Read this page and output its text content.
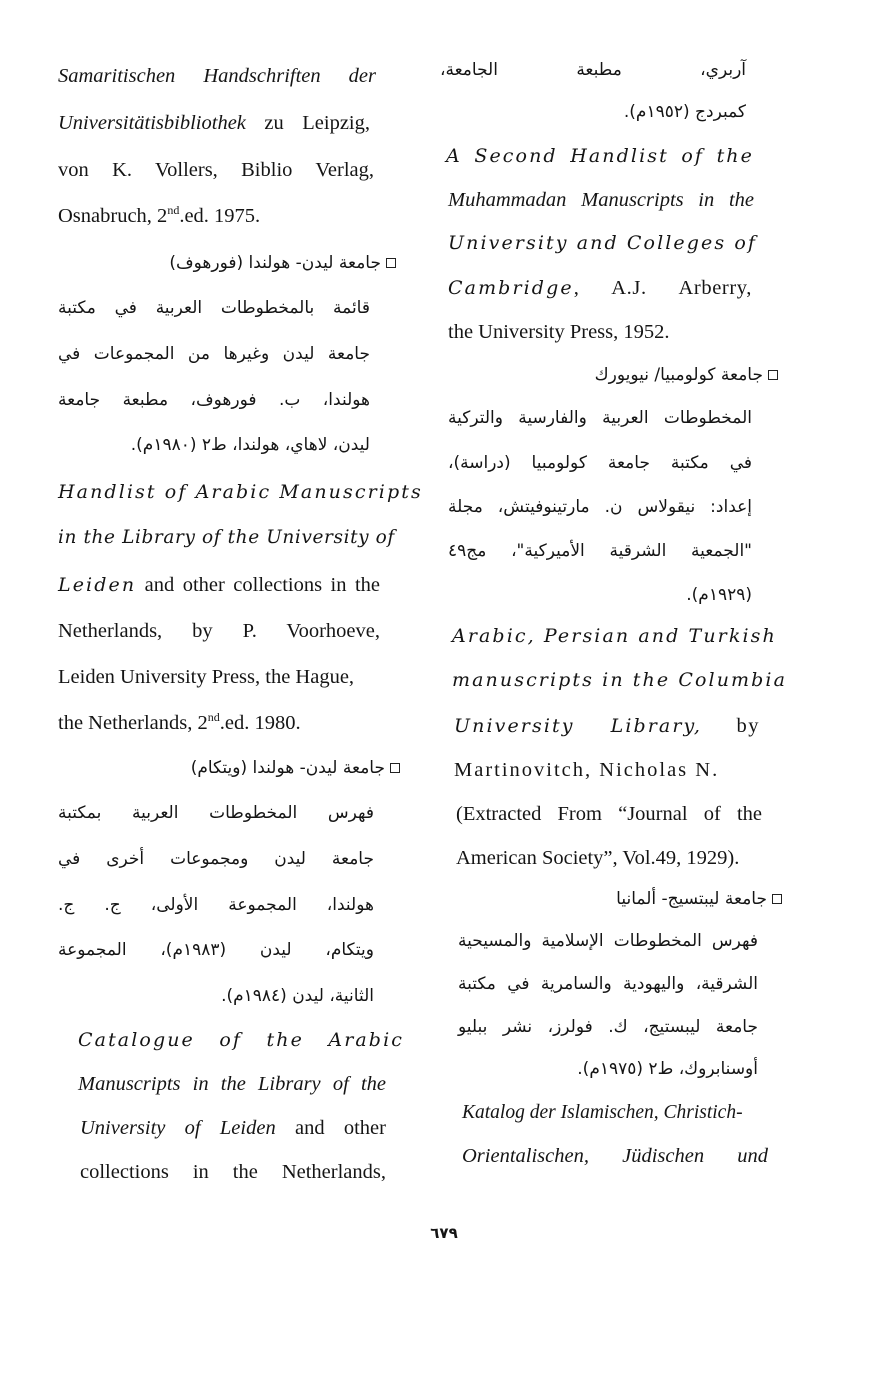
Samaritischen Handschriften der
Universitätisbibliothek zu Leipzig,
von K. Vollers, Biblio Verlag,
Osnabruch, 2nd.ed. 1975.
جامعة ليدن- هولندا (فورهوف)
قائمة بالمخطوطات العربية في مكتبة
جامعة ليدن وغيرها من المجموعات في
هولندا، ب. فورهوف، مطبعة جامعة
ليدن، لاهاي، هولندا، ط٢ (١٩٨٠م).
Handlist of Arabic Manuscripts
in the Library of the University of
Leiden and other collections in the
Netherlands, by P. Voorhoeve,
Leiden University Press, the Hague,
the Netherlands, 2nd.ed. 1980.
جامعة ليدن- هولندا (ويتكام)
فهرس المخطوطات العربية بمكتبة
جامعة ليدن ومجموعات أخرى في
هولندا، المجموعة الأولى، ج. ج.
ويتكام، ليدن (١٩٨٣م)، المجموعة
الثانية، ليدن (١٩٨٤م).
Catalogue of the Arabic
Manuscripts in the Library of the
University of Leiden and other
collections in the Netherlands,
آربري، مطبعة الجامعة،
كمبردج (١٩٥٢م).
A Second Handlist of the
Muhammadan Manuscripts in the
University and Colleges of
Cambridge, A.J. Arberry,
the University Press, 1952.
جامعة كولومبيا/ نيويورك
المخطوطات العربية والفارسية والتركية
في مكتبة جامعة كولومبيا (دراسة)،
إعداد: نيقولاس ن. مارتينوفيتش، مجلة
"الجمعية الشرقية الأميركية"، مج٤٩
(١٩٢٩م).
Arabic, Persian and Turkish
manuscripts in the Columbia
University Library, by
Martinovitch, Nicholas N.
(Extracted From “Journal of the
American Society”, Vol.49, 1929).
جامعة ليبتسيج- ألمانيا
فهرس المخطوطات الإسلامية والمسيحية
الشرقية، واليهودية والسامرية في مكتبة
جامعة ليبستيج، ك. فولرز، نشر ببليو
أوسنابروك، ط٢ (١٩٧٥م).
Katalog der Islamischen, Christich-
Orientalischen, Jüdischen und
٦٧٩
